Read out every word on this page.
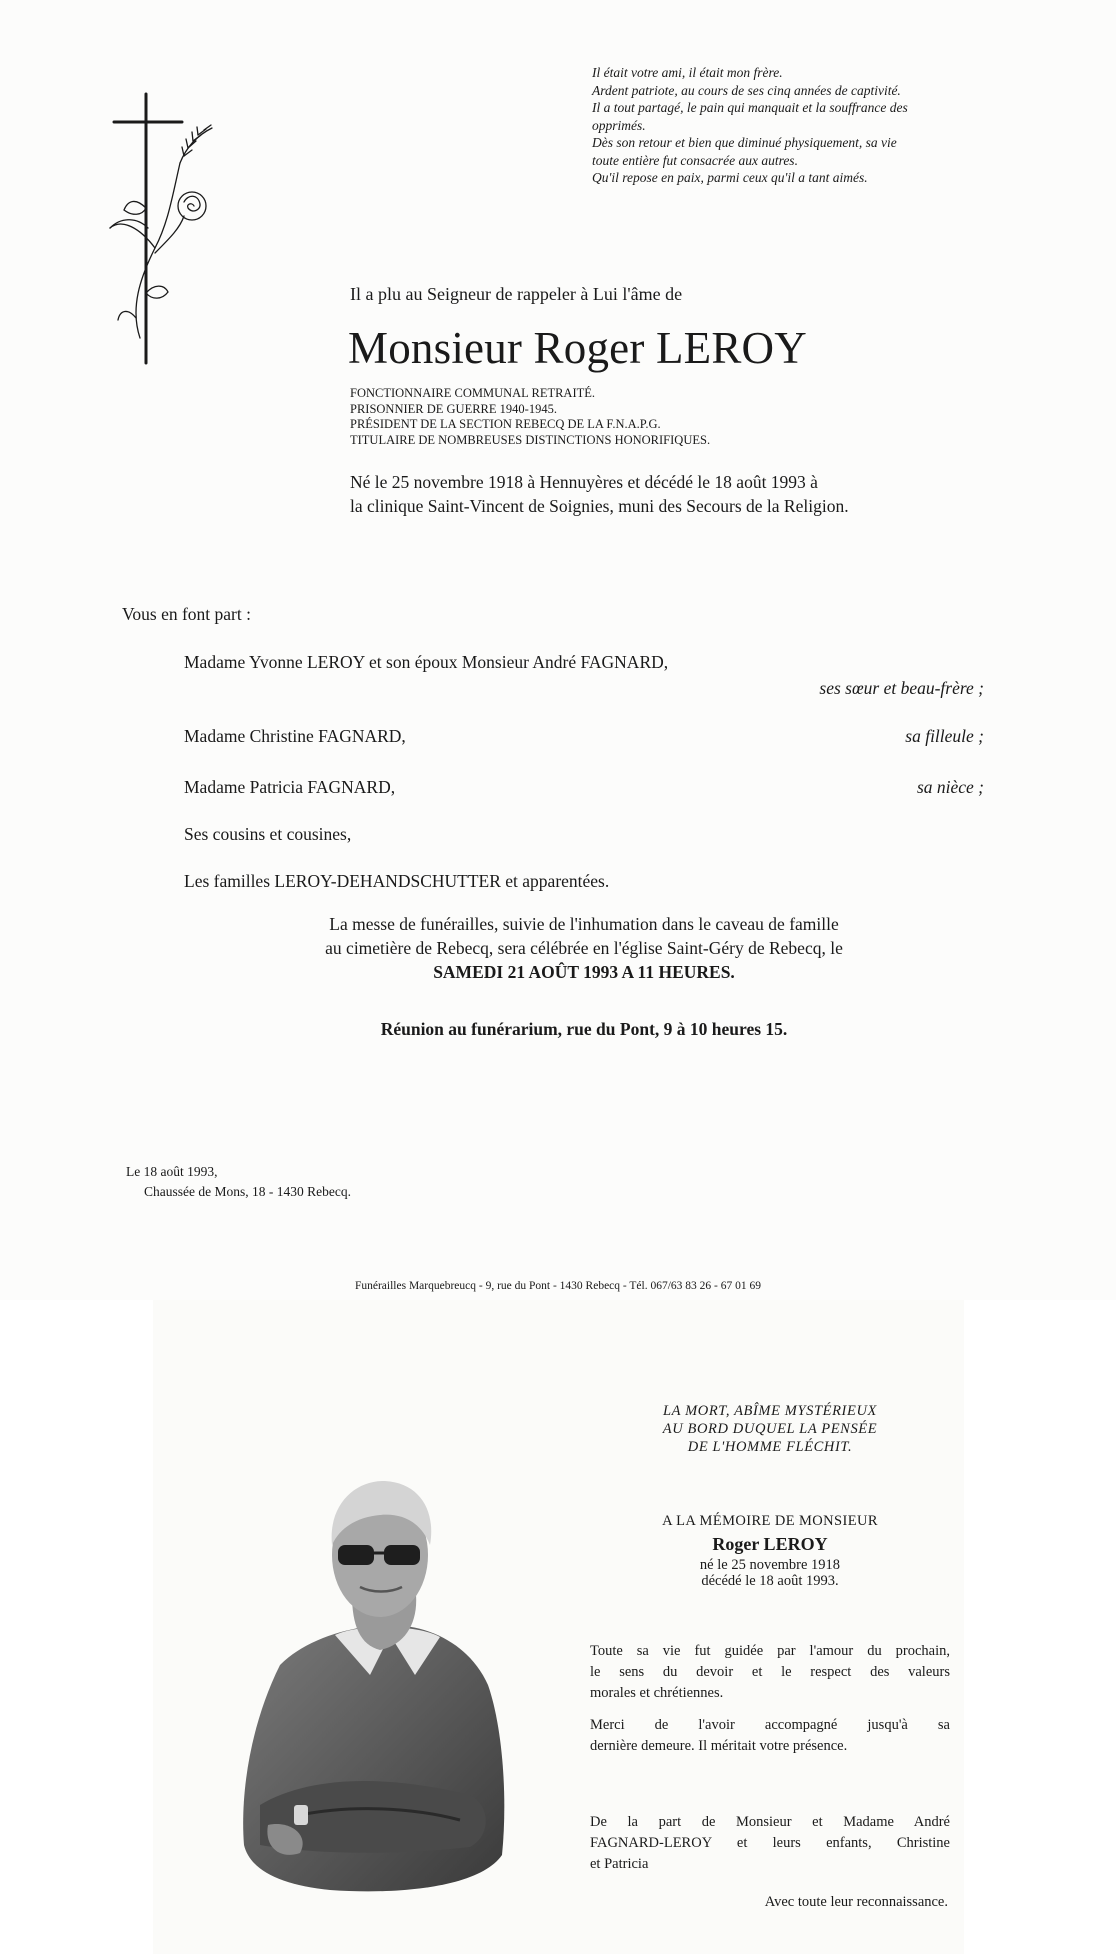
Il était votre ami, il était mon frère.
Ardent patriote, au cours de ses cinq années de captivité.
Il a tout partagé, le pain qui manquait et la souffrance des
opprimés.
Dès son retour et bien que diminué physiquement, sa vie
toute entière fut consacrée aux autres.
Qu'il repose en paix, parmi ceux qu'il a tant aimés.
Il a plu au Seigneur de rappeler à Lui l'âme de
Monsieur Roger LEROY
FONCTIONNAIRE COMMUNAL RETRAITÉ.
PRISONNIER DE GUERRE 1940-1945.
PRÉSIDENT DE LA SECTION REBECQ DE LA F.N.A.P.G.
TITULAIRE DE NOMBREUSES DISTINCTIONS HONORIFIQUES.
Né le 25 novembre 1918 à Hennuyères et décédé le 18 août 1993 à
la clinique Saint-Vincent de Soignies, muni des Secours de la Religion.
Vous en font part :
Madame Yvonne LEROY et son époux Monsieur André FAGNARD,
ses sœur et beau-frère ;
Madame Christine FAGNARD,	sa filleule ;
Madame Patricia FAGNARD,	sa nièce ;
Ses cousins et cousines,
Les familles LEROY-DEHANDSCHUTTER et apparentées.
La messe de funérailles, suivie de l'inhumation dans le caveau de famille
au cimetière de Rebecq, sera célébrée en l'église Saint-Géry de Rebecq, le
SAMEDI 21 AOÛT 1993 A 11 HEURES.
Réunion au funérarium, rue du Pont, 9 à 10 heures 15.
Le 18 août 1993,
Chaussée de Mons, 18 - 1430 Rebecq.
Funérailles Marquebreucq - 9, rue du Pont - 1430 Rebecq - Tél. 067/63 83 26 - 67 01 69
LA MORT, ABÎME MYSTÉRIEUX
AU BORD DUQUEL LA PENSÉE
DE L'HOMME FLÉCHIT.
A LA MÉMOIRE DE MONSIEUR
Roger LEROY
né le 25 novembre 1918
décédé le 18 août 1993.
Toute sa vie fut guidée par l'amour du prochain,
le sens du devoir et le respect des valeurs
morales et chrétiennes.
Merci de l'avoir accompagné jusqu'à sa
dernière demeure. Il méritait votre présence.
De la part de Monsieur et Madame André
FAGNARD-LEROY et leurs enfants, Christine
et Patricia
Avec toute leur reconnaissance.
